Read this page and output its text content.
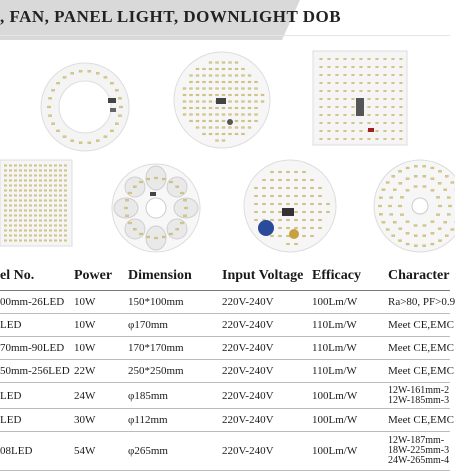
, FAN, PANEL LIGHT, DOWNLIGHT DOB
el No.	Power	Dimension	Input Voltage	Efficacy	Character
00mm-26LED	10W	150*100mm	220V-240V	100Lm/W	Ra>80, PF>0.9
LED	10W	φ170mm	220V-240V	110Lm/W	Meet CE,EMC
70mm-90LED	10W	170*170mm	220V-240V	110Lm/W	Meet CE,EMC
50mm-256LED	22W	250*250mm	220V-240V	110Lm/W	Meet CE,EMC
LED	24W	φ185mm	220V-240V	100Lm/W	12W-161mm-2
12W-185mm-3

LED	30W	φ112mm	220V-240V	100Lm/W	Meet CE,EMC
08LED	54W	φ265mm	220V-240V	100Lm/W	12W-187mm-
18W-225mm-3
24W-265mm-4
